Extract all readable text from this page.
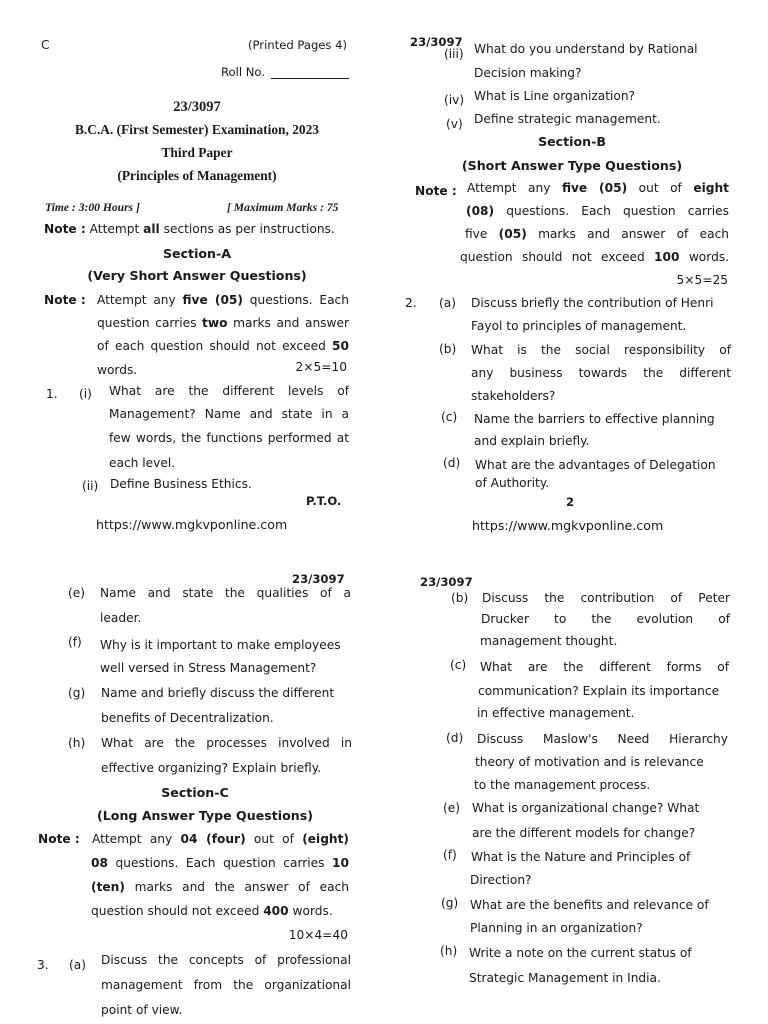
C	(Printed Pages 4)
Roll No.
23/3097
B.C.A. (First Semester) Examination, 2023
Third Paper
(Principles of Management)
Time : 3:00 Hours ]	[ Maximum Marks : 75
Note : Attempt all sections as per instructions.
Section-A
(Very Short Answer Questions)
Note : Attempt any five (05) questions. Each
question carries two marks and answer
of each question should not exceed 50
words.	2×5=10
1. (i) What are the different levels of
Management? Name and state in a
few words, the functions performed at
each level.
(ii) Define Business Ethics.
P.T.O.
https://www.mgkvponline.com
23/3097
(iii) What do you understand by Rational
Decision making?
(iv) What is Line organization?
(v) Define strategic management.
Section-B
(Short Answer Type Questions)
Note : Attempt any five (05) out of eight
(08) questions. Each question carries
five (05) marks and answer of each
question should not exceed 100 words.
5×5=25
2. (a) Discuss briefly the contribution of Henri
Fayol to principles of management.
(b) What is the social responsibility of
any business towards the different
stakeholders?
(c) Name the barriers to effective planning
and explain briefly.
(d) What are the advantages of Delegation
of Authority.
2
https://www.mgkvponline.com
23/3097
(e) Name and state the qualities of a
leader.
(f) Why is it important to make employees
well versed in Stress Management?
(g) Name and briefly discuss the different
benefits of Decentralization.
(h) What are the processes involved in
effective organizing? Explain briefly.
Section-C
(Long Answer Type Questions)
Note : Attempt any 04 (four) out of (eight)
08 questions. Each question carries 10
(ten) marks and the answer of each
question should not exceed 400 words.
10×4=40
3. (a) Discuss the concepts of professional
management from the organizational
point of view.
23/3097
(b) Discuss the contribution of Peter
Drucker to the evolution of
management thought.
(c) What are the different forms of
communication? Explain its importance
in effective management.
(d) Discuss Maslow's Need Hierarchy
theory of motivation and is relevance
to the management process.
(e) What is organizational change? What
are the different models for change?
(f) What is the Nature and Principles of
Direction?
(g) What are the benefits and relevance of
Planning in an organization?
(h) Write a note on the current status of
Strategic Management in India.
